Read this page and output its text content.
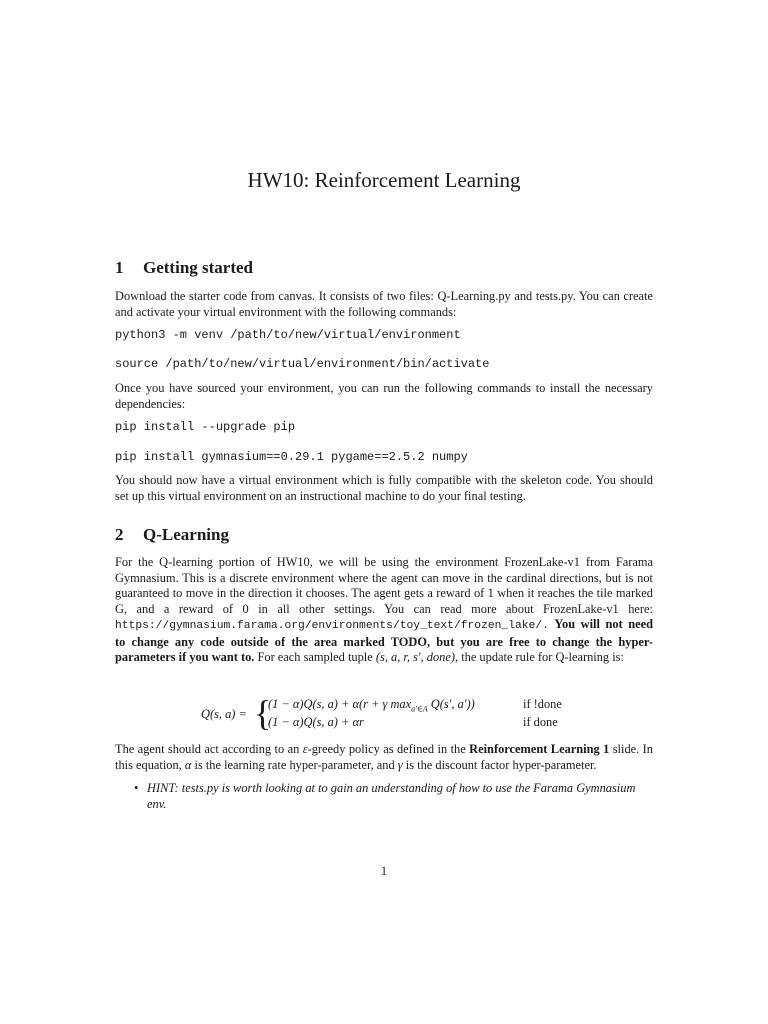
HW10: Reinforcement Learning
1 Getting started
Download the starter code from canvas. It consists of two files: Q-Learning.py and tests.py. You can create and activate your virtual environment with the following commands:
python3 -m venv /path/to/new/virtual/environment
source /path/to/new/virtual/environment/bin/activate
Once you have sourced your environment, you can run the following commands to install the necessary dependencies:
pip install --upgrade pip
pip install gymnasium==0.29.1 pygame==2.5.2 numpy
You should now have a virtual environment which is fully compatible with the skeleton code. You should set up this virtual environment on an instructional machine to do your final testing.
2 Q-Learning
For the Q-learning portion of HW10, we will be using the environment FrozenLake-v1 from Farama Gymnasium. This is a discrete environment where the agent can move in the cardinal directions, but is not guaranteed to move in the direction it chooses. The agent gets a reward of 1 when it reaches the tile marked G, and a reward of 0 in all other settings. You can read more about FrozenLake-v1 here: https://gymnasium.farama.org/environments/toy_text/frozen_lake/. You will not need to change any code outside of the area marked TODO, but you are free to change the hyper-parameters if you want to. For each sampled tuple (s, a, r, s′, done), the update rule for Q-learning is:
Q(s, a) = {
(1 − α)Q(s, a) + α(r + γ $\max_{a'\in A} Q(s'$, a′))
(1 − α)Q(s, a) + αr
if !done
if done
The agent should act according to an ε-greedy policy as defined in the Reinforcement Learning 1 slide. In this equation, α is the learning rate hyper-parameter, and γ is the discount factor hyper-parameter.
• HINT: tests.py is worth looking at to gain an understanding of how to use the Farama Gymnasium env.
1
